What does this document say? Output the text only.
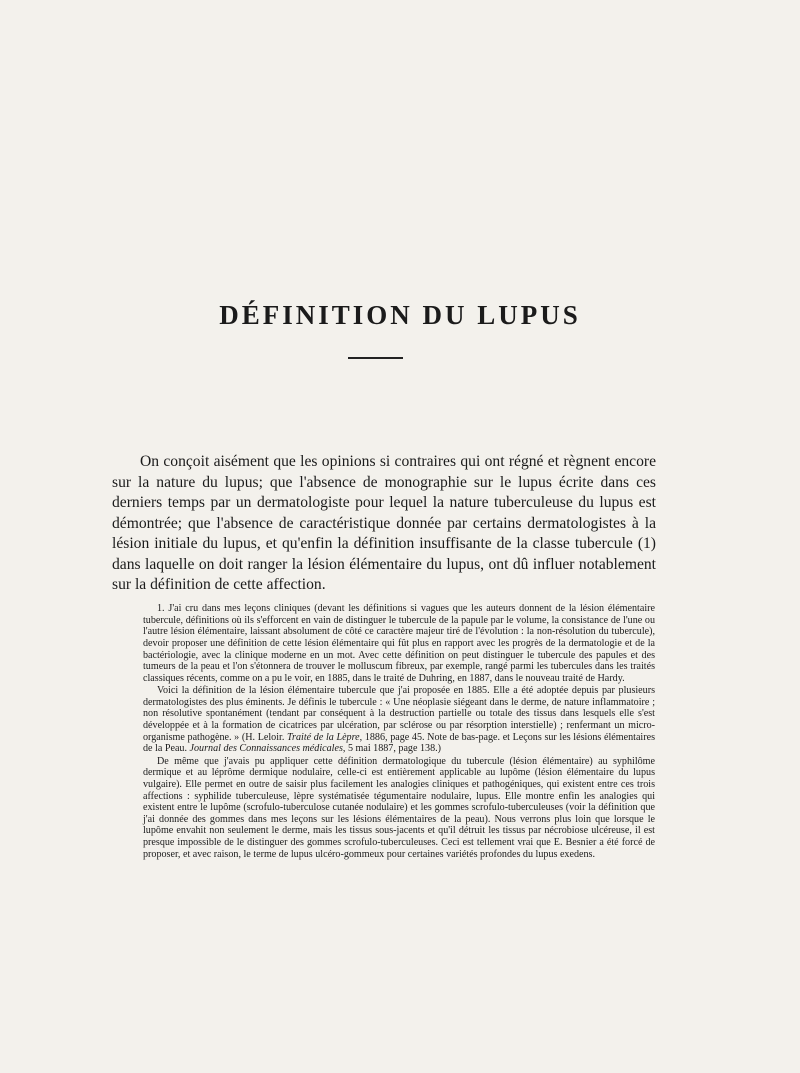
DÉFINITION DU LUPUS

On conçoit aisément que les opinions si contraires qui ont régné et règnent encore sur la nature du lupus; que l'absence de monographie sur le lupus écrite dans ces derniers temps par un dermatologiste pour lequel la nature tuberculeuse du lupus est démontrée; que l'absence de caractéristique donnée par certains dermatologistes à la lésion initiale du lupus, et qu'enfin la définition insuffisante de la classe tubercule (1) dans laquelle on doit ranger la lésion élémentaire du lupus, ont dû influer notablement sur la définition de cette affection.

1. J'ai cru dans mes leçons cliniques (devant les définitions si vagues que les auteurs donnent de la lésion élémentaire tubercule, définitions où ils s'efforcent en vain de distinguer le tubercule de la papule par le volume, la consistance de l'une ou l'autre lésion élémentaire, laissant absolument de côté ce caractère majeur tiré de l'évolution : la non-résolution du tubercule), devoir proposer une définition de cette lésion élémentaire qui fût plus en rapport avec les progrès de la dermatologie et de la bactériologie, avec la clinique moderne en un mot. Avec cette définition on peut distinguer le tubercule des papules et des tumeurs de la peau et l'on s'étonnera de trouver le molluscum fibreux, par exemple, rangé parmi les tubercules dans les traités classiques récents, comme on a pu le voir, en 1885, dans le traité de Duhring, en 1887, dans le nouveau traité de Hardy.

Voici la définition de la lésion élémentaire tubercule que j'ai proposée en 1885. Elle a été adoptée depuis par plusieurs dermatologistes des plus éminents. Je définis le tubercule : « Une néoplasie siégeant dans le derme, de nature inflammatoire ; non résolutive spontanément (tendant par conséquent à la destruction partielle ou totale des tissus dans lesquels elle s'est développée et à la formation de cicatrices par ulcération, par sclérose ou par résorption interstielle) ; renfermant un micro-organisme pathogène. » (H. Leloir. Traité de la Lèpre, 1886, page 45. Note de bas-page. et Leçons sur les lésions élémentaires de la Peau. Journal des Connaissances médicales, 5 mai 1887, page 138.)

De même que j'avais pu appliquer cette définition dermatologique du tubercule (lésion élémentaire) au syphilôme dermique et au léprôme dermique nodulaire, celle-ci est entièrement applicable au lupôme (lésion élémentaire du lupus vulgaire). Elle permet en outre de saisir plus facilement les analogies cliniques et pathogéniques, qui existent entre ces trois affections : syphilide tuberculeuse, lèpre systématisée tégumentaire nodulaire, lupus. Elle montre enfin les analogies qui existent entre le lupôme (scrofulo-tuberculose cutanée nodulaire) et les gommes scrofulo-tuberculeuses (voir la définition que j'ai donnée des gommes dans mes leçons sur les lésions élémentaires de la peau). Nous verrons plus loin que lorsque le lupôme envahit non seulement le derme, mais les tissus sous-jacents et qu'il détruit les tissus par nécrobiose ulcéreuse, il est presque impossible de le distinguer des gommes scrofulo-tuberculeuses. Ceci est tellement vrai que E. Besnier a été forcé de proposer, et avec raison, le terme de lupus ulcéro-gommeux pour certaines variétés profondes du lupus exedens.
